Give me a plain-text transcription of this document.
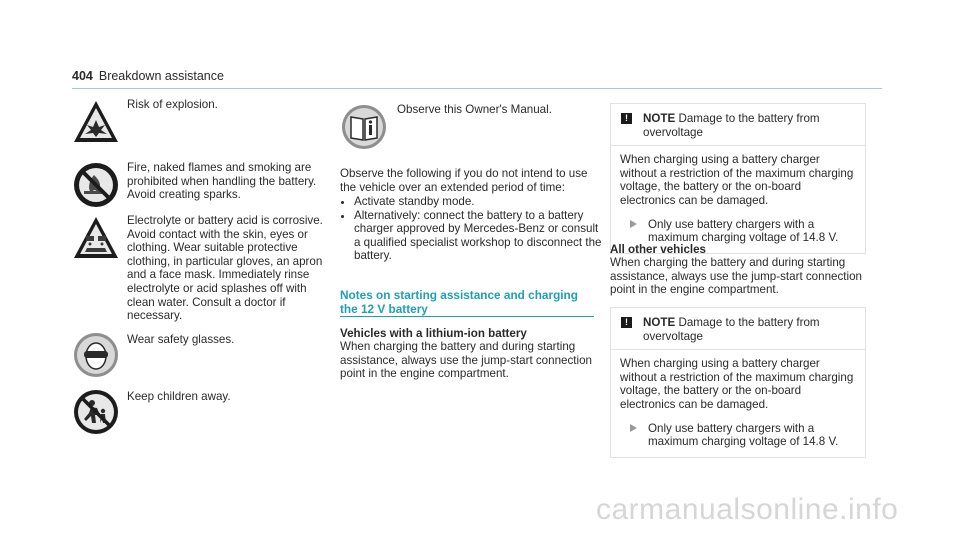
404 Breakdown assistance
Risk of explosion.
Fire, naked flames and smoking are prohibited when handling the battery. Avoid creating sparks.
Electrolyte or battery acid is corrosive. Avoid contact with the skin, eyes or clothing. Wear suitable protective clothing, in particular gloves, an apron and a face mask. Immediately rinse electrolyte or acid splashes off with clean water. Consult a doctor if necessary.
Wear safety glasses.
Keep children away.
Observe this Owner's Manual.
Observe the following if you do not intend to use the vehicle over an extended period of time:
• Activate standby mode.
• Alternatively: connect the battery to a battery charger approved by Mercedes-Benz or consult a qualified specialist workshop to disconnect the battery.
Notes on starting assistance and charging the 12 V battery
Vehicles with a lithium-ion battery
When charging the battery and during starting assistance, always use the jump-start connection point in the engine compartment.
!	NOTE Damage to the battery from overvoltage
When charging using a battery charger without a restriction of the maximum charging voltage, the battery or the on-board electronics can be damaged.
Only use battery chargers with a maximum charging voltage of 14.8 V.
All other vehicles
When charging the battery and during starting assistance, always use the jump-start connection point in the engine compartment.
!	NOTE Damage to the battery from overvoltage
When charging using a battery charger without a restriction of the maximum charging voltage, the battery or the on-board electronics can be damaged.
Only use battery chargers with a maximum charging voltage of 14.8 V.
carmanualsonline.info
